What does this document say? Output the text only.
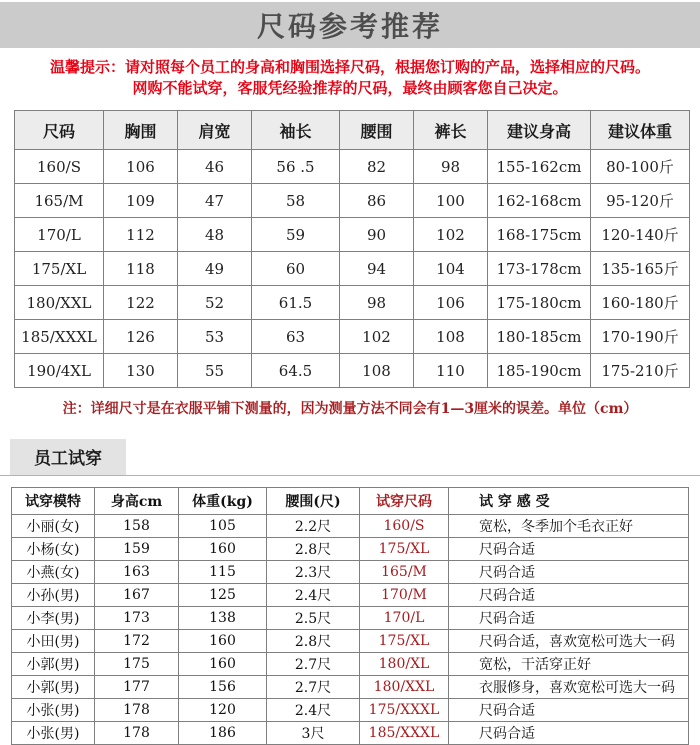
尺码参考推荐
温馨提示：请对照每个员工的身高和胸围选择尺码，根据您订购的产品，选择相应的尺码。
网购不能试穿，客服凭经验推荐的尺码，最终由顾客您自己决定。
尺码	胸围	肩宽	袖长	腰围	裤长	建议身高	建议体重
160/S	106	46	56 .5	82	98	155-162cm	80-100斤
165/M	109	47	58	86	100	162-168cm	95-120斤
170/L	112	48	59	90	102	168-175cm	120-140斤
175/XL	118	49	60	94	104	173-178cm	135-165斤
180/XXL	122	52	61.5	98	106	175-180cm	160-180斤
185/XXXL	126	53	63	102	108	180-185cm	170-190斤
190/4XL	130	55	64.5	108	110	185-190cm	175-210斤
注：详细尺寸是在衣服平铺下测量的，因为测量方法不同会有1—3厘米的误差。单位（cm）
员工试穿
试穿模特	身高cm	体重(kg)	腰围(尺)	试穿尺码	试 穿 感 受
小丽(女)	158	105	2.2尺	160/S	宽松，冬季加个毛衣正好
小杨(女)	159	160	2.8尺	175/XL	尺码合适
小燕(女)	163	115	2.3尺	165/M	尺码合适
小孙(男)	167	125	2.4尺	170/M	尺码合适
小李(男)	173	138	2.5尺	170/L	尺码合适
小田(男)	172	160	2.8尺	175/XL	尺码合适，喜欢宽松可选大一码
小郭(男)	175	160	2.7尺	180/XL	宽松，干活穿正好
小郭(男)	177	156	2.7尺	180/XXL	衣服修身，喜欢宽松可选大一码
小张(男)	178	120	2.4尺	175/XXXL	尺码合适
小张(男)	178	186	3尺	185/XXXL	尺码合适
